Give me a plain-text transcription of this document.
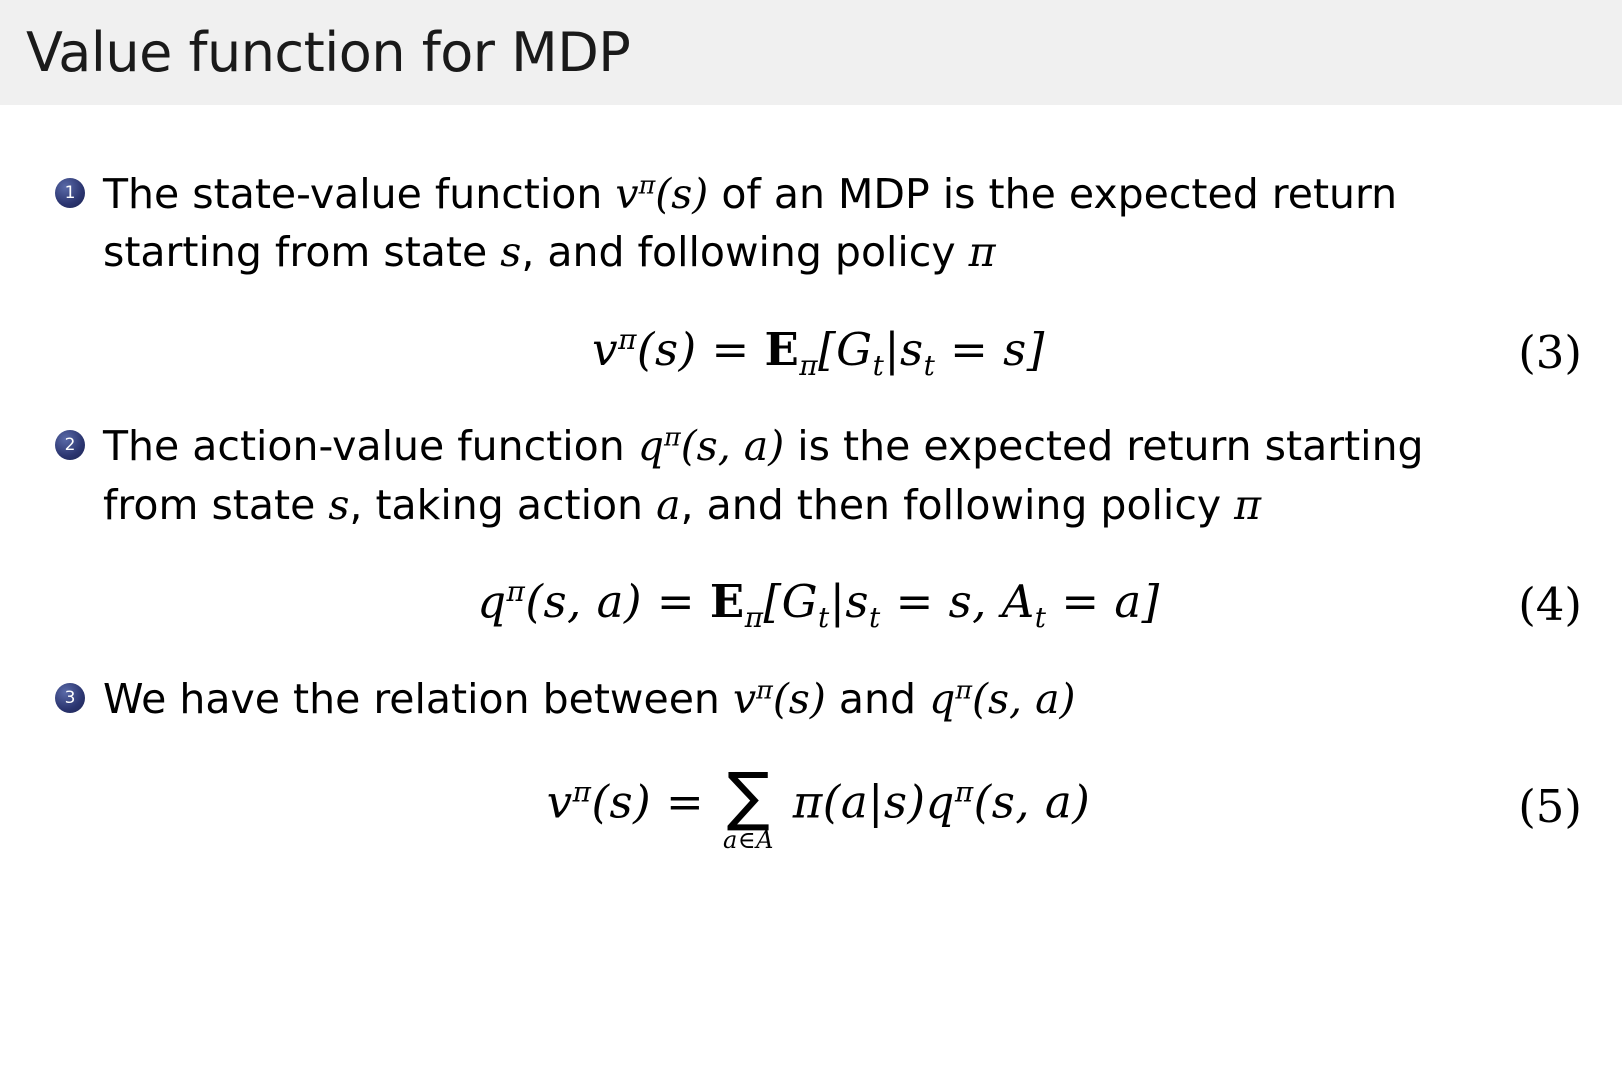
Value function for MDP
1 The state-value function $v^\pi(s)$ of an MDP is the expected return starting from state s, and following policy π
$v^\pi(s) = E_\pi[G_t|s_t = s]$	(3)
2 The action-value function $q^\pi(s$, a) is the expected return starting from state s, taking action a, and then following policy π
$q^\pi(s$, $a) = E_\pi[G_t|s_t = s$, $A_t = a$]	(4)
3 We have the relation between $v^\pi(s)$ and $q^\pi(s$, a)
$v^\pi(s)$ = ∑
a∈A
$\pi(a|s)q^\pi(s$, a)	(5)
